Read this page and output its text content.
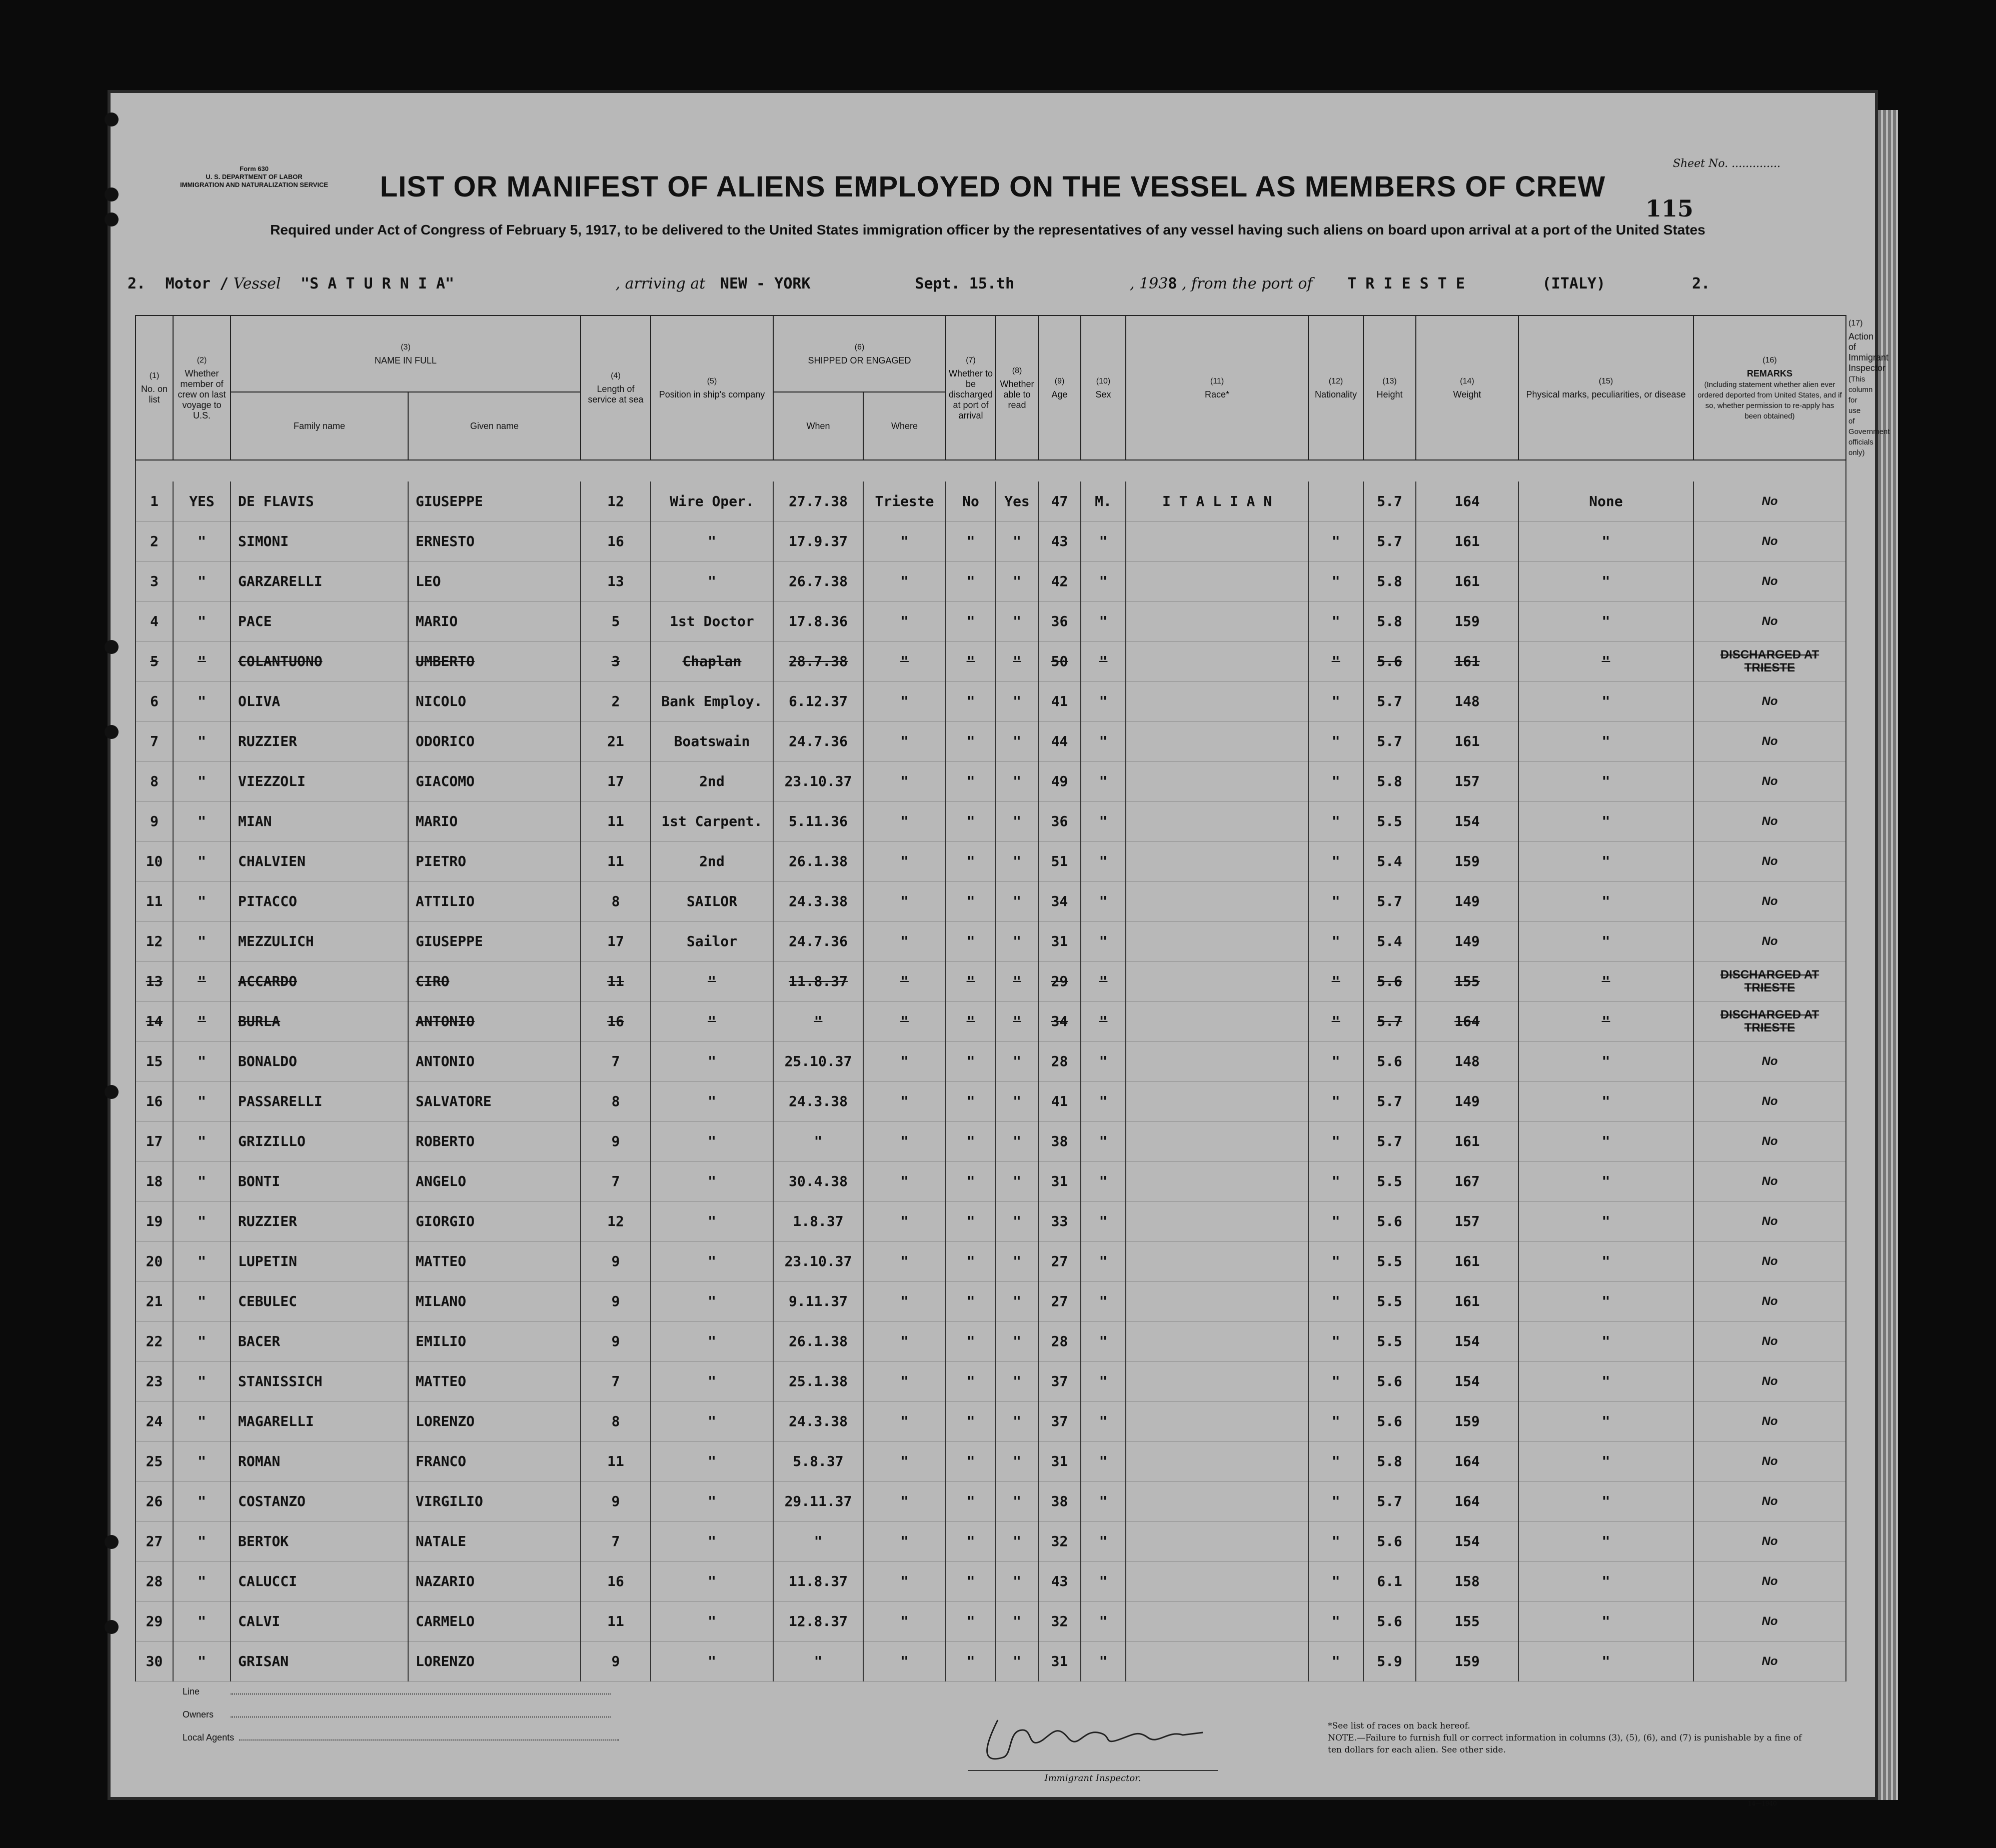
Form 630
U. S. DEPARTMENT OF LABOR
IMMIGRATION AND NATURALIZATION SERVICE
Sheet No. ..............
115
LIST OR MANIFEST OF ALIENS EMPLOYED ON THE VESSEL AS MEMBERS OF CREW
Required under Act of Congress of February 5, 1917, to be delivered to the United States immigration officer by the representatives of any vessel having such aliens on board upon arrival at a port of the United States
2. Motor / Vessel "S A T U R N I A"	, arriving at NEW - YORK	Sept. 15.th	, 1938 , from the port of T R I E S T E	(ITALY)	2.
(1)
No. on list	(2)
Whether member of crew on last voyage to U.S.	(3)
NAME IN FULL		(4)
Length of service at sea	(5)
Position in ship's company	(6)
SHIPPED OR ENGAGED		(7)
Whether to be discharged at port of arrival	(8)
Whether able to read	(9)
Age	(10)
Sex	(11)
Race*	(12)
Nationality	(13)
Height	(14)
Weight	(15)
Physical marks, peculiarities, or disease	(16)
REMARKS
(Including statement whether alien ever ordered deported from United States, and if so, whether permission to re-apply has been obtained)	(17)
Action of Immigrant Inspector
(This column for use of Government officials only)
		Family name	Given name			When	Where											

1	YES	DE FLAVIS	GIUSEPPE	12	Wire Oper.	27.7.38	Trieste	No	Yes	47	M.	I T A L I A N		5.7	164	None	No	
2	"	SIMONI	ERNESTO	16	"	17.9.37	"	"	"	43	"		"	5.7	161	"	No	
3	"	GARZARELLI	LEO	13	"	26.7.38	"	"	"	42	"		"	5.8	161	"	No	
4	"	PACE	MARIO	5	1st Doctor	17.8.36	"	"	"	36	"		"	5.8	159	"	No	
5	"	COLANTUONO	UMBERTO	3	Chaplan	28.7.38	"	"	"	50	"		"	5.6	161	"	DISCHARGED AT TRIESTE	
6	"	OLIVA	NICOLO	2	Bank Employ.	6.12.37	"	"	"	41	"		"	5.7	148	"	No	
7	"	RUZZIER	ODORICO	21	Boatswain	24.7.36	"	"	"	44	"		"	5.7	161	"	No	
8	"	VIEZZOLI	GIACOMO	17	2nd	23.10.37	"	"	"	49	"		"	5.8	157	"	No	
9	"	MIAN	MARIO	11	1st Carpent.	5.11.36	"	"	"	36	"		"	5.5	154	"	No	
10	"	CHALVIEN	PIETRO	11	2nd	26.1.38	"	"	"	51	"		"	5.4	159	"	No	
11	"	PITACCO	ATTILIO	8	SAILOR	24.3.38	"	"	"	34	"		"	5.7	149	"	No	
12	"	MEZZULICH	GIUSEPPE	17	Sailor	24.7.36	"	"	"	31	"		"	5.4	149	"	No	
13	"	ACCARDO	CIRO	11	"	11.8.37	"	"	"	29	"		"	5.6	155	"	DISCHARGED AT TRIESTE	
14	"	BURLA	ANTONIO	16	"	"	"	"	"	34	"		"	5.7	164	"	DISCHARGED AT TRIESTE	
15	"	BONALDO	ANTONIO	7	"	25.10.37	"	"	"	28	"		"	5.6	148	"	No	
16	"	PASSARELLI	SALVATORE	8	"	24.3.38	"	"	"	41	"		"	5.7	149	"	No	
17	"	GRIZILLO	ROBERTO	9	"	"	"	"	"	38	"		"	5.7	161	"	No	
18	"	BONTI	ANGELO	7	"	30.4.38	"	"	"	31	"		"	5.5	167	"	No	
19	"	RUZZIER	GIORGIO	12	"	1.8.37	"	"	"	33	"		"	5.6	157	"	No	
20	"	LUPETIN	MATTEO	9	"	23.10.37	"	"	"	27	"		"	5.5	161	"	No	
21	"	CEBULEC	MILANO	9	"	9.11.37	"	"	"	27	"		"	5.5	161	"	No	
22	"	BACER	EMILIO	9	"	26.1.38	"	"	"	28	"		"	5.5	154	"	No	
23	"	STANISSICH	MATTEO	7	"	25.1.38	"	"	"	37	"		"	5.6	154	"	No	
24	"	MAGARELLI	LORENZO	8	"	24.3.38	"	"	"	37	"		"	5.6	159	"	No	
25	"	ROMAN	FRANCO	11	"	5.8.37	"	"	"	31	"		"	5.8	164	"	No	
26	"	COSTANZO	VIRGILIO	9	"	29.11.37	"	"	"	38	"		"	5.7	164	"	No	
27	"	BERTOK	NATALE	7	"	"	"	"	"	32	"		"	5.6	154	"	No	
28	"	CALUCCI	NAZARIO	16	"	11.8.37	"	"	"	43	"		"	6.1	158	"	No	
29	"	CALVI	CARMELO	11	"	12.8.37	"	"	"	32	"		"	5.6	155	"	No	
30	"	GRISAN	LORENZO	9	"	"	"	"	"	31	"		"	5.9	159	"	No	
Line
Owners
Local Agents
Immigrant Inspector.
*See list of races on back hereof.
NOTE.—Failure to furnish full or correct information in columns (3), (5), (6), and (7) is punishable by a fine of ten dollars for each alien. See other side.
14—1940
